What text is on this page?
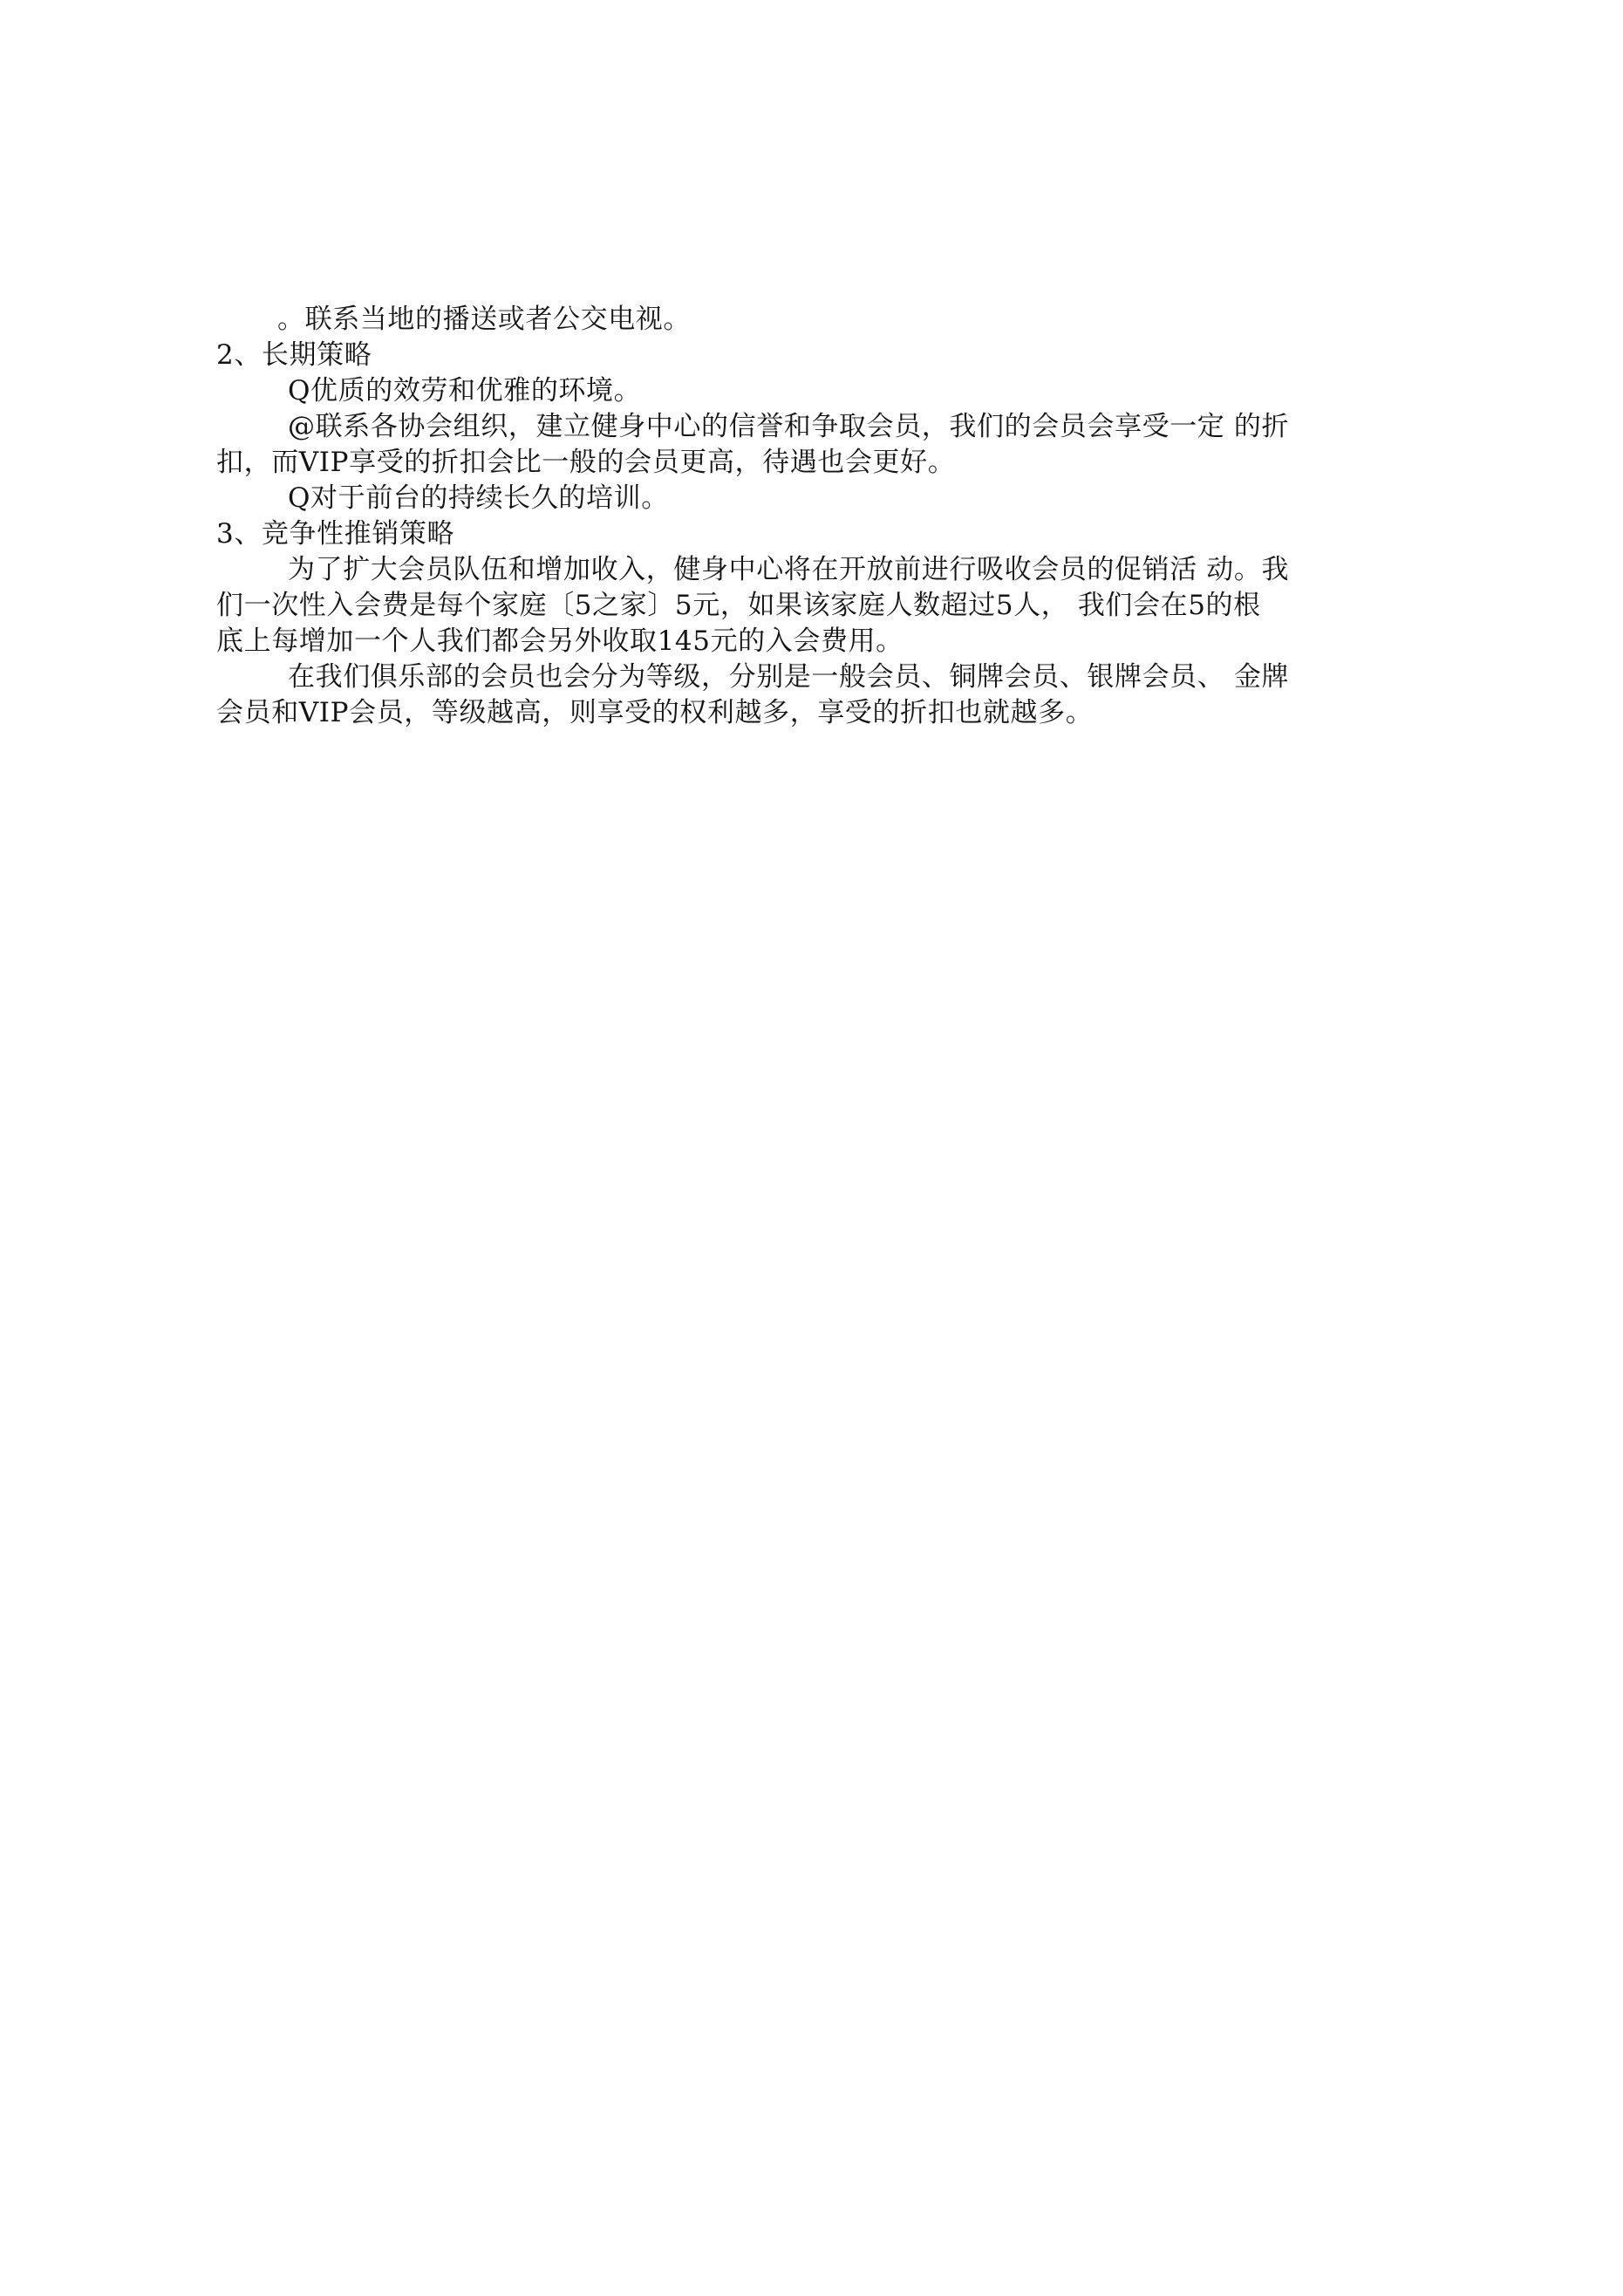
。联系当地的播送或者公交电视。
2、长期策略
Q优质的效劳和优雅的环境。
@联系各协会组织，建立健身中心的信誉和争取会员，我们的会员会享受一定 的折
扣，而VIP享受的折扣会比一般的会员更高，待遇也会更好。
Q对于前台的持续长久的培训。
3、竞争性推销策略
为了扩大会员队伍和增加收入，健身中心将在开放前进行吸收会员的促销活 动。我
们一次性入会费是每个家庭〔5之家〕5元，如果该家庭人数超过5人， 我们会在5的根
底上每增加一个人我们都会另外收取145元的入会费用。
在我们俱乐部的会员也会分为等级，分别是一般会员、铜牌会员、银牌会员、 金牌
会员和VIP会员，等级越高，则享受的权利越多，享受的折扣也就越多。
